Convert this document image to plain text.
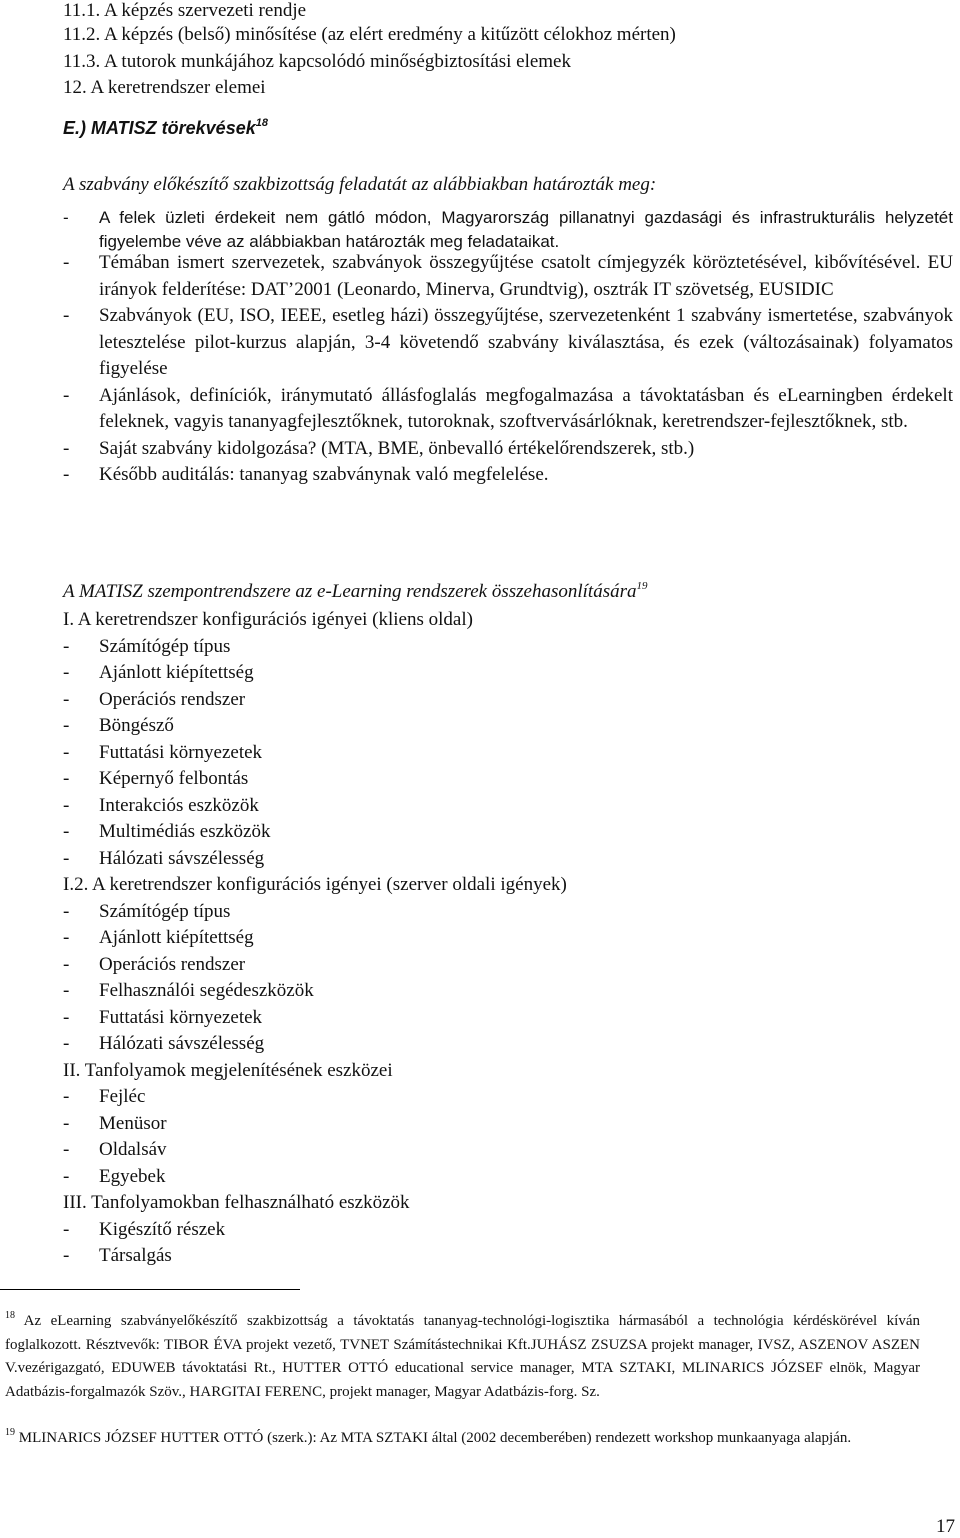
11.1. A képzés szervezeti rendje
11.2. A képzés (belső) minősítése (az elért eredmény a kitűzött célokhoz mérten)
11.3. A tutorok munkájához kapcsolódó minőségbiztosítási elemek
12. A keretrendszer elemei
E.) MATISZ törekvések$^{18}$
A szabvány előkészítő szakbizottság feladatát az alábbiakban határozták meg:
-	A felek üzleti érdekeit nem gátló módon, Magyarország pillanatnyi gazdasági és infrastrukturális helyzetét figyelembe véve az alábbiakban határozták meg feladataikat.
-	Témában ismert szervezetek, szabványok összegyűjtése csatolt címjegyzék köröztetésével, kibővítésével. EU irányok felderítése: DAT’2001 (Leonardo, Minerva, Grundtvig), osztrák IT szövetség, EUSIDIC
-	Szabványok (EU, ISO, IEEE, esetleg házi) összegyűjtése, szervezetenként 1 szabvány ismertetése, szabványok letesztelése pilot-kurzus alapján, 3-4 követendő szabvány kiválasztása, és ezek (változásainak) folyamatos figyelése
-	Ajánlások, definíciók, iránymutató állásfoglalás megfogalmazása a távoktatásban és eLearningben érdekelt feleknek, vagyis tananyagfejlesztőknek, tutoroknak, szoftvervásárlóknak, keretrendszer-fejlesztőknek, stb.
-	Saját szabvány kidolgozása? (MTA, BME, önbevalló értékelőrendszerek, stb.)
-	Később auditálás: tananyag szabványnak való megfelelése.
A MATISZ szempontrendszere az e-Learning rendszerek összehasonlítására$^{19}$
I. A keretrendszer konfigurációs igényei (kliens oldal)
- Számítógép típus
- Ajánlott kiépítettség
- Operációs rendszer
- Böngésző
- Futtatási környezetek
- Képernyő felbontás
- Interakciós eszközök
- Multimédiás eszközök
- Hálózati sávszélesség
I.2. A keretrendszer konfigurációs igényei (szerver oldali igények)
- Számítógép típus
- Ajánlott kiépítettség
- Operációs rendszer
- Felhasználói segédeszközök
- Futtatási környezetek
- Hálózati sávszélesség
II. Tanfolyamok megjelenítésének eszközei
- Fejléc
- Menüsor
- Oldalsáv
- Egyebek
III. Tanfolyamokban felhasználható eszközök
- Kigészítő részek
- Társalgás
$^{18}$ Az eLearning szabványelőkészítő szakbizottság a távoktatás tananyag-technológi-logisztika hármasából a technológia kérdéskörével kíván foglalkozott. Résztvevők: TIBOR ÉVA projekt vezető, TVNET Számítástechnikai Kft.JUHÁSZ ZSUZSA projekt manager, IVSZ, ASZENOV ASZEN V.vezérigazgató, EDUWEB távoktatási Rt., HUTTER OTTÓ educational service manager, MTA SZTAKI, MLINARICS JÓZSEF elnök, Magyar Adatbázis-forgalmazók Szöv., HARGITAI FERENC, projekt manager, Magyar Adatbázis-forg. Sz.
$^{19}$ MLINARICS JÓZSEF HUTTER OTTÓ (szerk.): Az MTA SZTAKI által (2002 decemberében) rendezett workshop munkaanyaga alapján.
17
